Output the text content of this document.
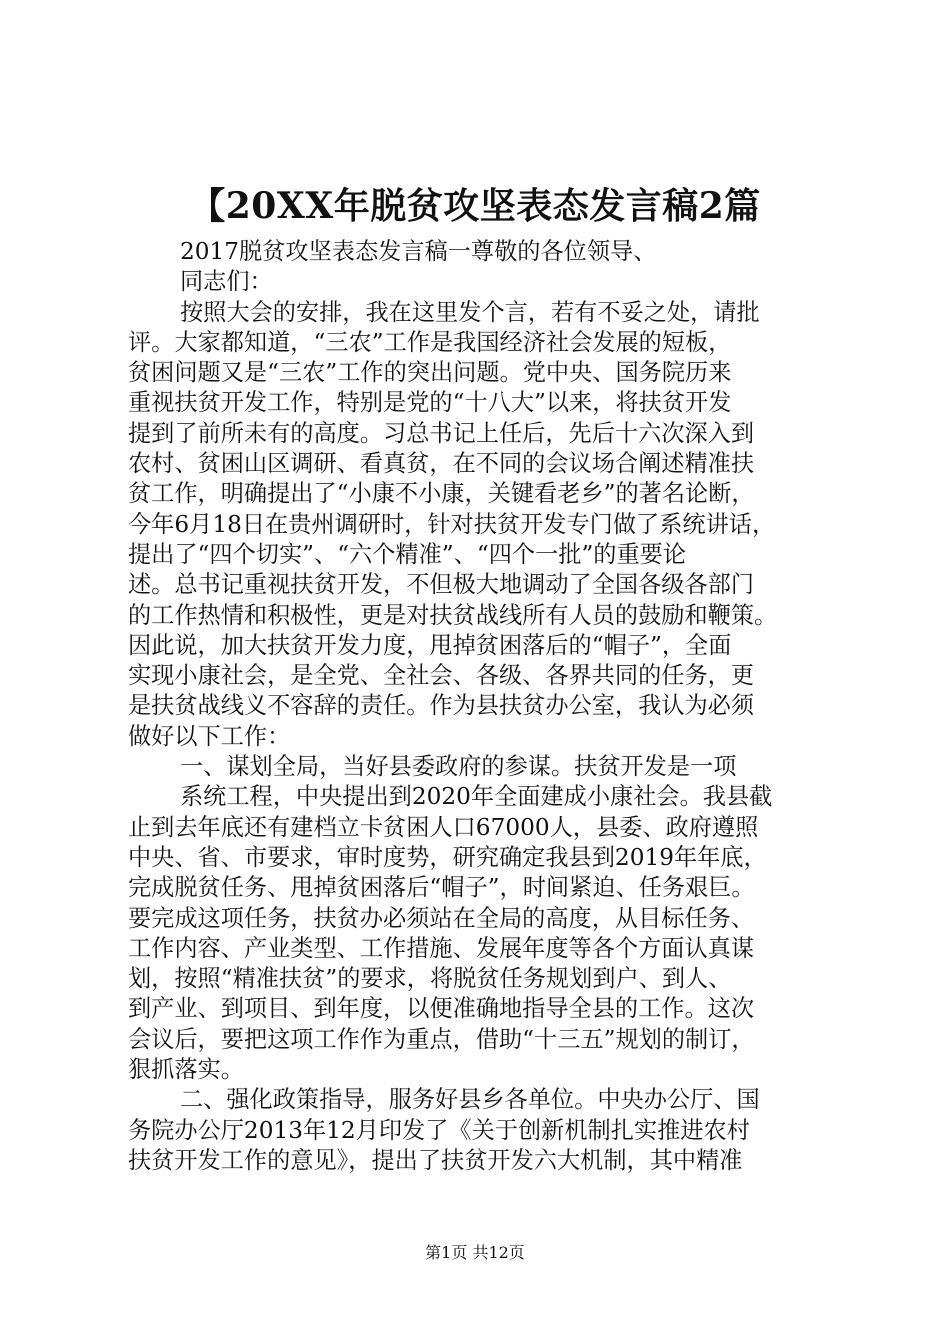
【20XX年脱贫攻坚表态发言稿2篇
2017脱贫攻坚表态发言稿一尊敬的各位领导、
同志们：
按照大会的安排，我在这里发个言，若有不妥之处，请批
评。大家都知道，“三农”工作是我国经济社会发展的短板，
贫困问题又是“三农”工作的突出问题。党中央、国务院历来
重视扶贫开发工作，特别是党的“十八大”以来，将扶贫开发
提到了前所未有的高度。习总书记上任后，先后十六次深入到
农村、贫困山区调研、看真贫，在不同的会议场合阐述精准扶
贫工作，明确提出了“小康不小康，关键看老乡”的著名论断，
今年6月18日在贵州调研时，针对扶贫开发专门做了系统讲话，
提出了“四个切实”、“六个精准”、“四个一批”的重要论
述。总书记重视扶贫开发，不但极大地调动了全国各级各部门
的工作热情和积极性，更是对扶贫战线所有人员的鼓励和鞭策。
因此说，加大扶贫开发力度，甩掉贫困落后的“帽子”，全面
实现小康社会，是全党、全社会、各级、各界共同的任务，更
是扶贫战线义不容辞的责任。作为县扶贫办公室，我认为必须
做好以下工作：
一、谋划全局，当好县委政府的参谋。扶贫开发是一项
系统工程，中央提出到2020年全面建成小康社会。我县截
止到去年底还有建档立卡贫困人口67000人，县委、政府遵照
中央、省、市要求，审时度势，研究确定我县到2019年年底，
完成脱贫任务、甩掉贫困落后“帽子”，时间紧迫、任务艰巨。
要完成这项任务，扶贫办必须站在全局的高度，从目标任务、
工作内容、产业类型、工作措施、发展年度等各个方面认真谋
划，按照“精准扶贫”的要求，将脱贫任务规划到户、到人、
到产业、到项目、到年度，以便准确地指导全县的工作。这次
会议后，要把这项工作作为重点，借助“十三五”规划的制订，
狠抓落实。
二、强化政策指导，服务好县乡各单位。中央办公厅、国
务院办公厅2013年12月印发了《关于创新机制扎实推进农村
扶贫开发工作的意见》，提出了扶贫开发六大机制，其中精准
第1页 共12页
